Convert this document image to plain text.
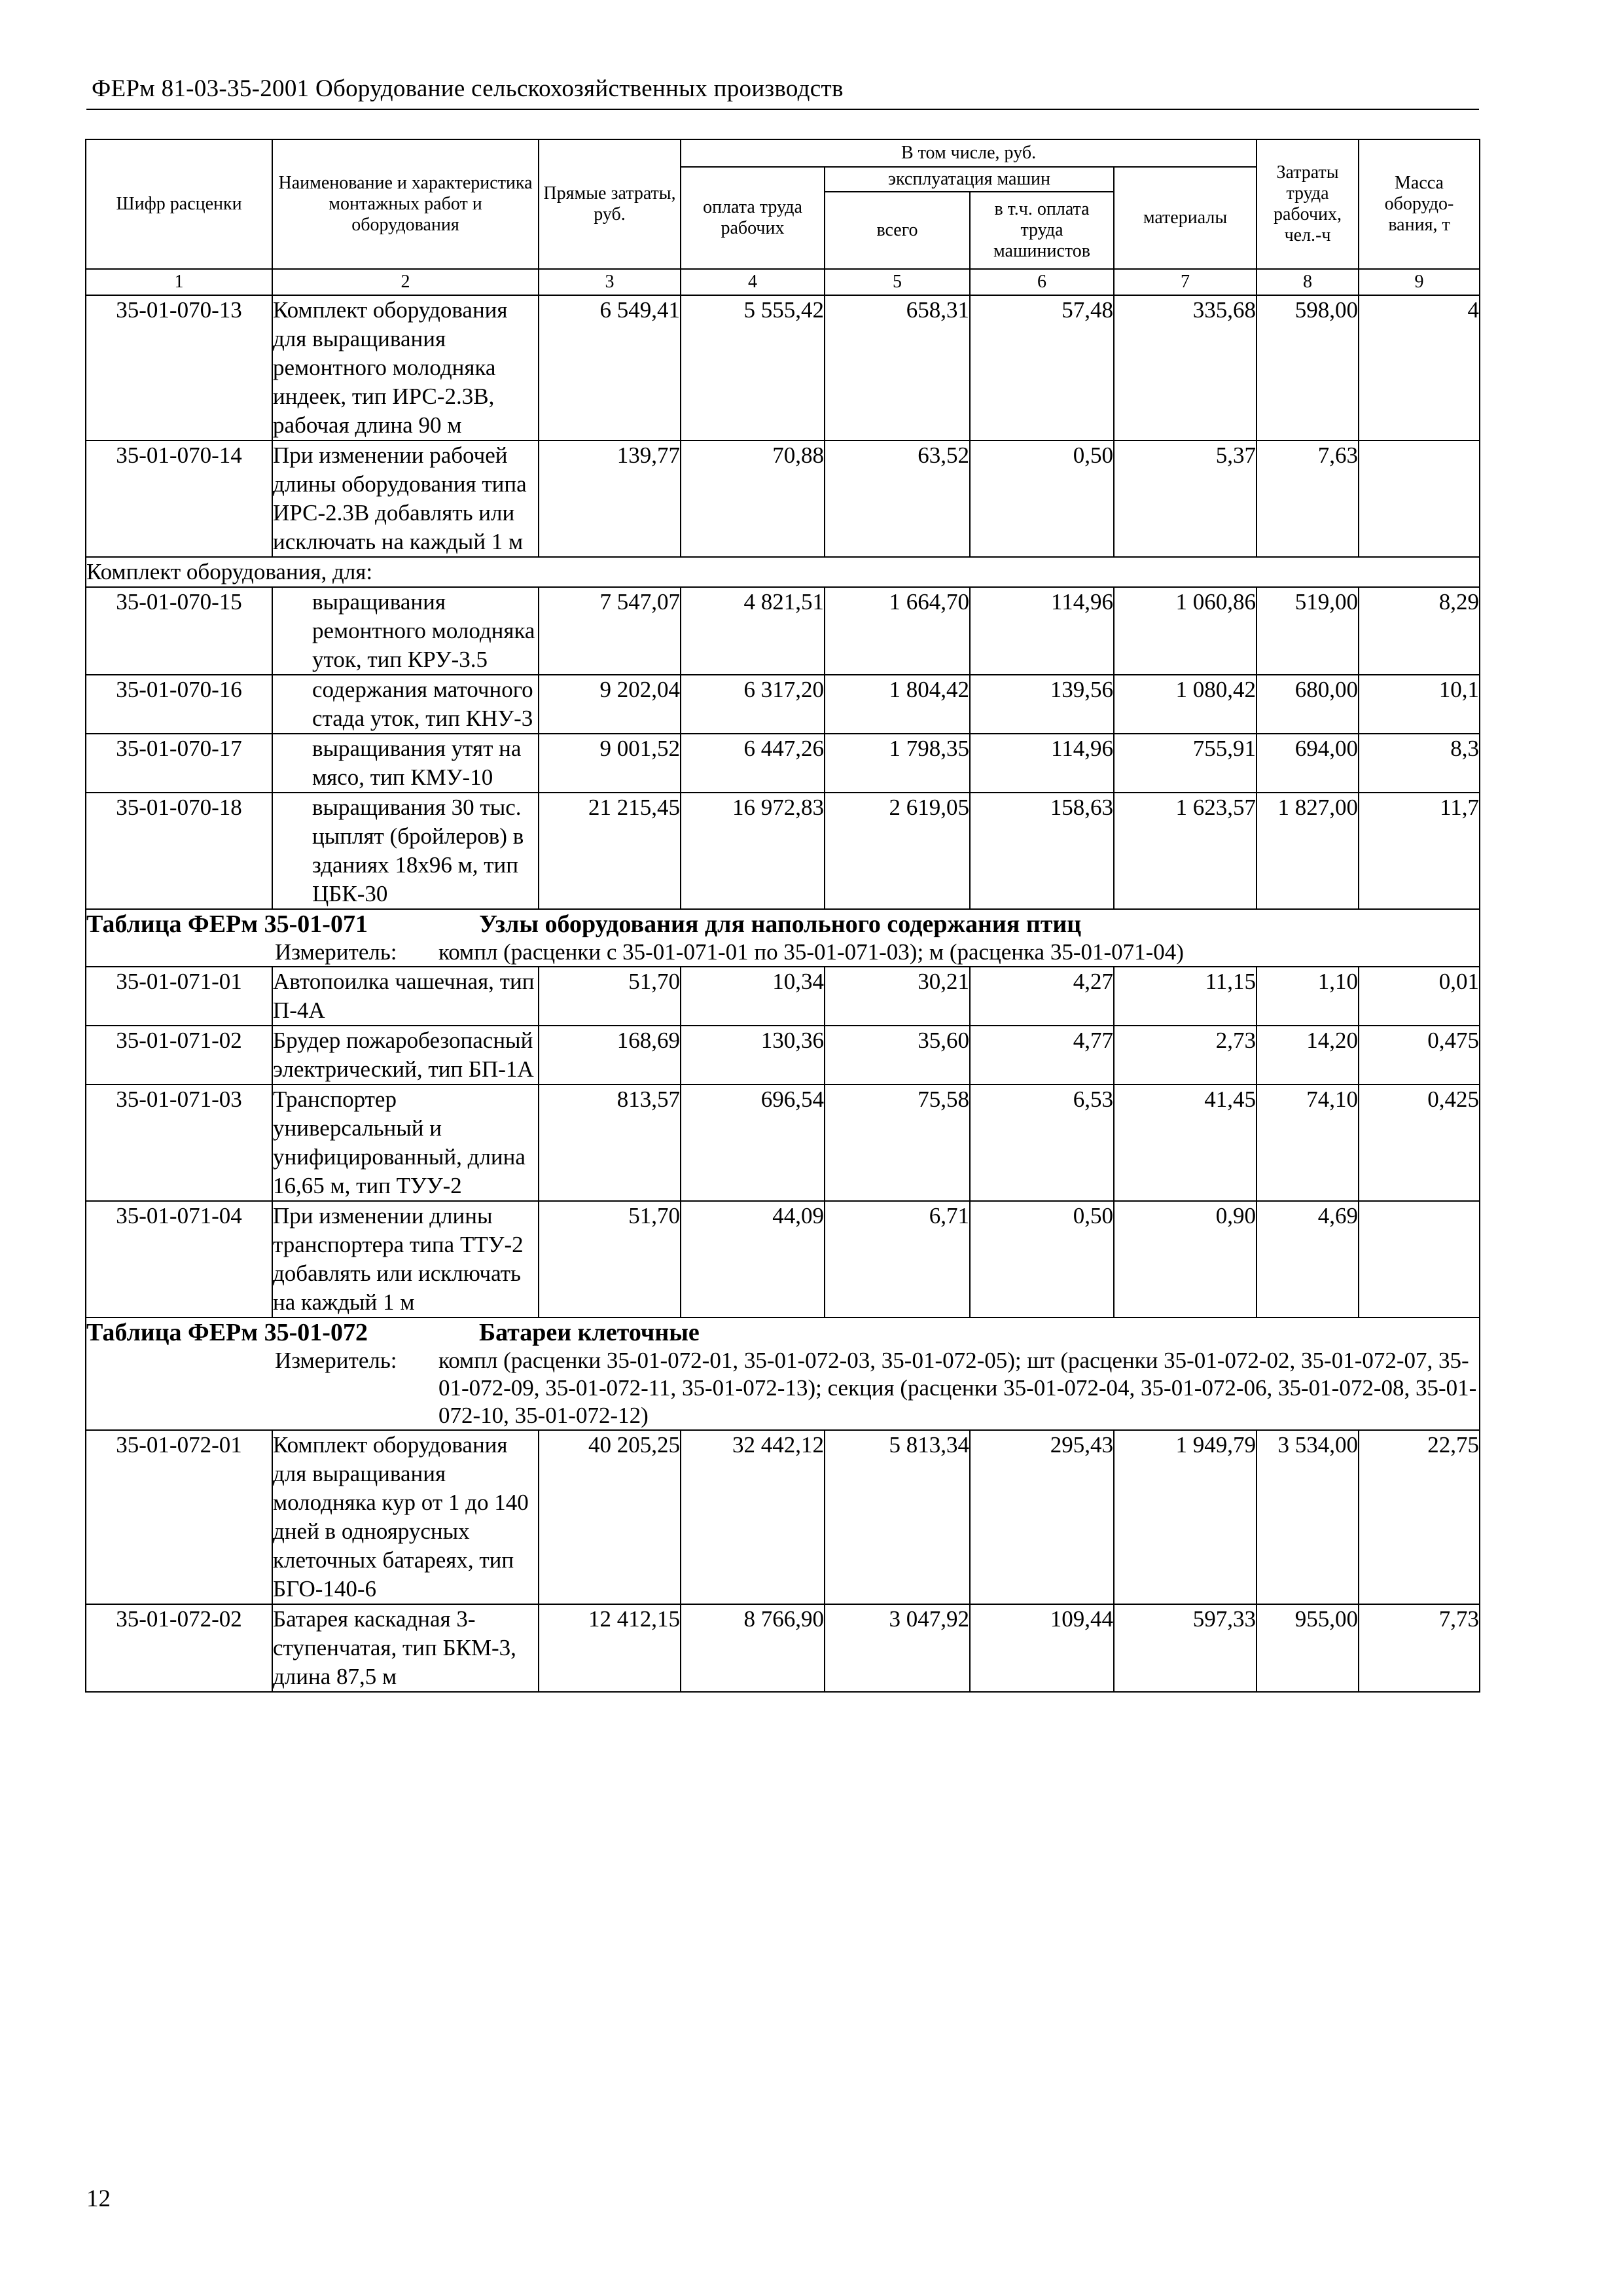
ФЕРм 81-03-35-2001 Оборудование сельскохозяйственных производств
Шифр расценки	Наименование и характеристика монтажных работ и оборудования	Прямые затраты, руб.	В том числе, руб.				Затраты труда рабочих, чел.-ч	Масса оборудо-вания, т
			оплата труда рабочих	эксплуатация машин		материалы		
				всего	в т.ч. оплата труда машинистов			
1	2	3	4	5	6	7	8	9
35-01-070-13	Комплект оборудования для выращивания ремонтного молодняка индеек, тип ИРС-2.3В, рабочая длина 90 м	6 549,41	5 555,42	658,31	57,48	335,68	598,00	4
35-01-070-14	При изменении рабочей длины оборудования типа ИРС-2.3В добавлять или исключать на каждый 1 м	139,77	70,88	63,52	0,50	5,37	7,63	
Комплект оборудования, для:								
35-01-070-15	выращивания ремонтного молодняка уток, тип КРУ-3.5	7 547,07	4 821,51	1 664,70	114,96	1 060,86	519,00	8,29
35-01-070-16	содержания маточного стада уток, тип КНУ-3	9 202,04	6 317,20	1 804,42	139,56	1 080,42	680,00	10,1
35-01-070-17	выращивания утят на мясо, тип КМУ-10	9 001,52	6 447,26	1 798,35	114,96	755,91	694,00	8,3
35-01-070-18	выращивания 30 тыс. цыплят (бройлеров) в зданиях 18х96 м, тип ЦБК-30	21 215,45	16 972,83	2 619,05	158,63	1 623,57	1 827,00	11,7

Таблица ФЕРм 35-01-071 Узлы оборудования для напольного содержания птиц
Измеритель: компл (расценки с 35-01-071-01 по 35-01-071-03); м (расценка 35-01-071-04)								

35-01-071-01	Автопоилка чашечная, тип П-4А	51,70	10,34	30,21	4,27	11,15	1,10	0,01
35-01-071-02	Брудер пожаробезопасный электрический, тип БП-1А	168,69	130,36	35,60	4,77	2,73	14,20	0,475
35-01-071-03	Транспортер универсальный и унифицированный, длина 16,65 м, тип ТУУ-2	813,57	696,54	75,58	6,53	41,45	74,10	0,425
35-01-071-04	При изменении длины транспортера типа ТТУ-2 добавлять или исключать на каждый 1 м	51,70	44,09	6,71	0,50	0,90	4,69	

Таблица ФЕРм 35-01-072 Батареи клеточные
Измеритель: компл (расценки 35-01-072-01, 35-01-072-03, 35-01-072-05); шт (расценки 35-01-072-02, 35-01-072-07, 35-01-072-09, 35-01-072-11, 35-01-072-13); секция (расценки 35-01-072-04, 35-01-072-06, 35-01-072-08, 35-01-072-10, 35-01-072-12)								

35-01-072-01	Комплект оборудования для выращивания молодняка кур от 1 до 140 дней в одноярусных клеточных батареях, тип БГО-140-6	40 205,25	32 442,12	5 813,34	295,43	1 949,79	3 534,00	22,75
35-01-072-02	Батарея каскадная 3-ступенчатая, тип БКМ-3, длина 87,5 м	12 412,15	8 766,90	3 047,92	109,44	597,33	955,00	7,73
12
